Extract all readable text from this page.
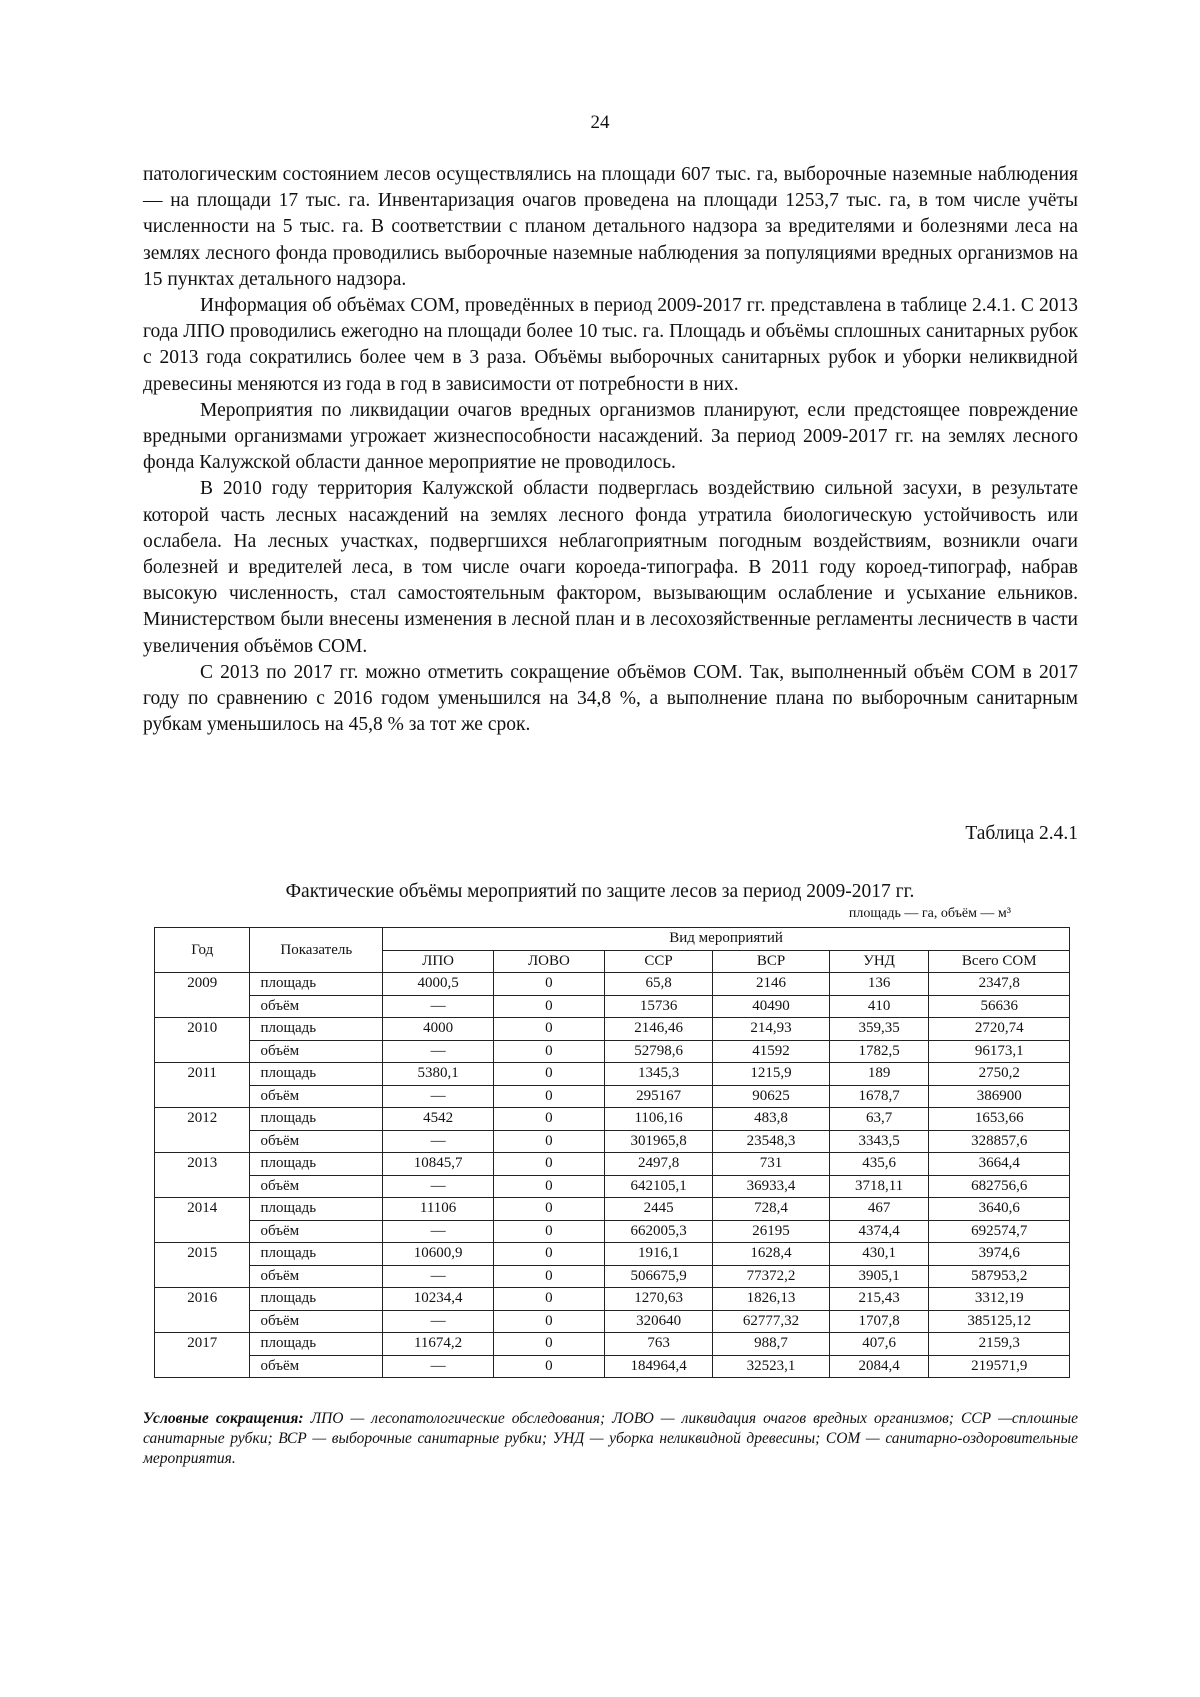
24

патологическим состоянием лесов осуществлялись на площади 607 тыс. га, выборочные наземные наблюдения — на площади 17 тыс. га. Инвентаризация очагов проведена на площади 1253,7 тыс. га, в том числе учёты численности на 5 тыс. га. В соответствии с планом детального надзора за вредителями и болезнями леса на землях лесного фонда проводились выборочные наземные наблюдения за популяциями вредных организмов на 15 пунктах детального надзора.

Информация об объёмах СОМ, проведённых в период 2009-2017 гг. представлена в таблице 2.4.1. С 2013 года ЛПО проводились ежегодно на площади более 10 тыс. га. Площадь и объёмы сплошных санитарных рубок с 2013 года сократились более чем в 3 раза. Объёмы выборочных санитарных рубок и уборки неликвидной древесины меняются из года в год в зависимости от потребности в них.

Мероприятия по ликвидации очагов вредных организмов планируют, если предстоящее повреждение вредными организмами угрожает жизнеспособности насаждений. За период 2009-2017 гг. на землях лесного фонда Калужской области данное мероприятие не проводилось.

В 2010 году территория Калужской области подверглась воздействию сильной засухи, в результате которой часть лесных насаждений на землях лесного фонда утратила биологическую устойчивость или ослабела. На лесных участках, подвергшихся неблагоприятным погодным воздействиям, возникли очаги болезней и вредителей леса, в том числе очаги короеда-типографа. В 2011 году короед-типограф, набрав высокую численность, стал самостоятельным фактором, вызывающим ослабление и усыхание ельников. Министерством были внесены изменения в лесной план и в лесохозяйственные регламенты лесничеств в части увеличения объёмов СОМ.

С 2013 по 2017 гг. можно отметить сокращение объёмов СОМ. Так, выполненный объём СОМ в 2017 году по сравнению с 2016 годом уменьшился на 34,8 %, а выполнение плана по выборочным санитарным рубкам уменьшилось на 45,8 % за тот же срок.

Таблица 2.4.1
Фактические объёмы мероприятий по защите лесов за период 2009-2017 гг.
площадь — га, объём — м³
Год	Показатель	Вид мероприятий					
		ЛПО	ЛОВО	ССР	ВСР	УНД	Всего СОМ
2009	площадь	4000,5	0	65,8	2146	136	2347,8
	объём	—	0	15736	40490	410	56636
2010	площадь	4000	0	2146,46	214,93	359,35	2720,74
	объём	—	0	52798,6	41592	1782,5	96173,1
2011	площадь	5380,1	0	1345,3	1215,9	189	2750,2
	объём	—	0	295167	90625	1678,7	386900
2012	площадь	4542	0	1106,16	483,8	63,7	1653,66
	объём	—	0	301965,8	23548,3	3343,5	328857,6
2013	площадь	10845,7	0	2497,8	731	435,6	3664,4
	объём	—	0	642105,1	36933,4	3718,11	682756,6
2014	площадь	11106	0	2445	728,4	467	3640,6
	объём	—	0	662005,3	26195	4374,4	692574,7
2015	площадь	10600,9	0	1916,1	1628,4	430,1	3974,6
	объём	—	0	506675,9	77372,2	3905,1	587953,2
2016	площадь	10234,4	0	1270,63	1826,13	215,43	3312,19
	объём	—	0	320640	62777,32	1707,8	385125,12
2017	площадь	11674,2	0	763	988,7	407,6	2159,3
	объём	—	0	184964,4	32523,1	2084,4	219571,9
Условные сокращения: ЛПО — лесопатологические обследования; ЛОВО — ликвидация очагов вредных организмов; ССР —сплошные санитарные рубки; ВСР — выборочные санитарные рубки; УНД — уборка неликвидной древесины; СОМ — санитарно-оздоровительные мероприятия.
